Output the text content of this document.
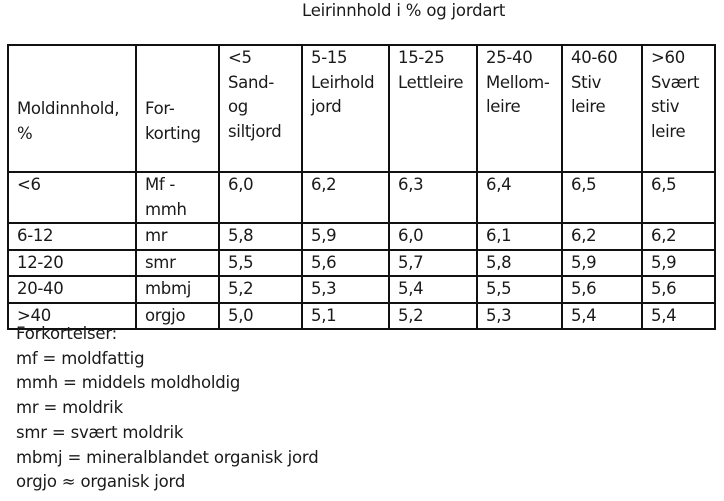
Leirinnhold i % og jordart
Moldinnhold,
%	For-
korting	<5
Sand-
og
siltjord	5-15
Leirhold
jord	15-25
Lettleire	25-40
Mellom-
leire	40-60
Stiv
leire	>60
Svært
stiv
leire

<6	Mf -
mmh	6,0	6,2	6,3	6,4	6,5	6,5
6-12	mr	5,8	5,9	6,0	6,1	6,2	6,2
12-20	smr	5,5	5,6	5,7	5,8	5,9	5,9
20-40	mbmj	5,2	5,3	5,4	5,5	5,6	5,6
>40	orgjo	5,0	5,1	5,2	5,3	5,4	5,4
Forkortelser:
mf = moldfattig
mmh = middels moldholdig
mr = moldrik
smr = svært moldrik
mbmj = mineralblandet organisk jord
orgjo ≈ organisk jord
